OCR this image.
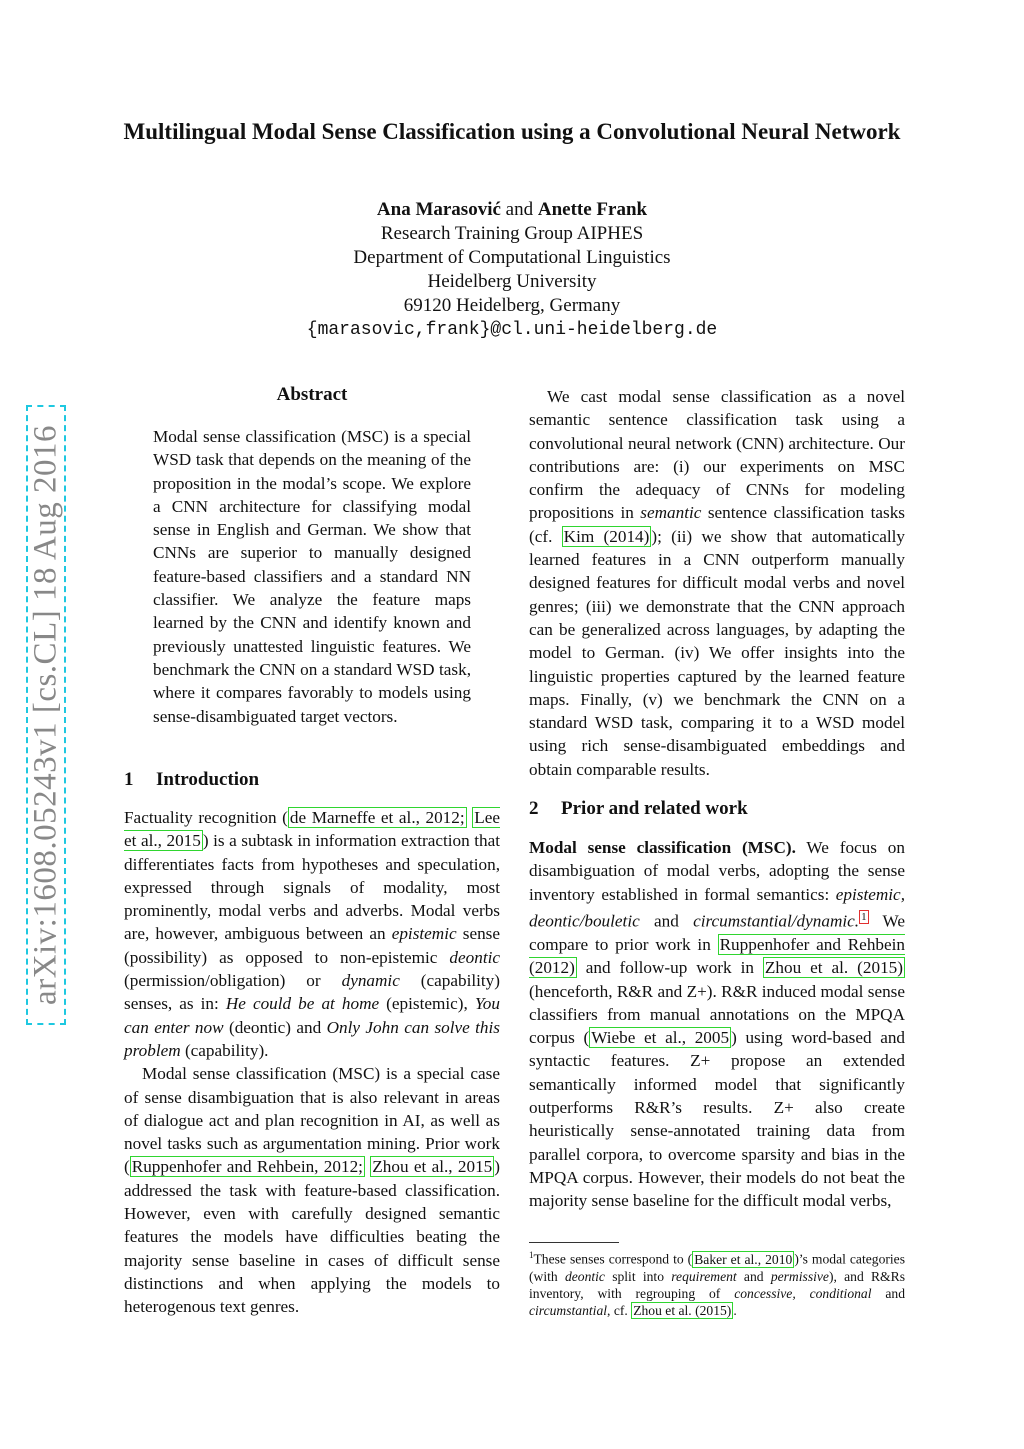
Multilingual Modal Sense Classification using a Convolutional Neural Network
Ana Marasović and Anette Frank
Research Training Group AIPHES
Department of Computational Linguistics
Heidelberg University
69120 Heidelberg, Germany
{marasovic,frank}@cl.uni-heidelberg.de
arXiv:1608.05243v1 [cs.CL] 18 Aug 2016
Abstract
Modal sense classification (MSC) is a special WSD task that depends on the meaning of the proposition in the modal’s scope. We explore a CNN architecture for classifying modal sense in English and German. We show that CNNs are superior to manually designed feature-based classifiers and a standard NN classifier. We analyze the feature maps learned by the CNN and identify known and previously unattested linguistic features. We benchmark the CNN on a standard WSD task, where it compares favorably to models using sense-disambiguated target vectors.
1 Introduction

Factuality recognition ( de Marneffe et al., 2012; Lee et al., 2015 ) is a subtask in information extraction that differentiates facts from hypotheses and speculation, expressed through signals of modality, most prominently, modal verbs and adverbs. Modal verbs are, however, ambiguous between an epistemic sense (possibility) as opposed to non-epistemic deontic (permission/obligation) or dynamic (capability) senses, as in: He could be at home (epistemic), You can enter now (deontic) and Only John can solve this problem (capability).

Modal sense classification (MSC) is a special case of sense disambiguation that is also relevant in areas of dialogue act and plan recognition in AI, as well as novel tasks such as argumentation mining. Prior work ( Ruppenhofer and Rehbein, 2012; Zhou et al., 2015 ) addressed the task with feature-based classification. However, even with carefully designed semantic features the models have difficulties beating the majority sense baseline in cases of difficult sense distinctions and when applying the models to heterogenous text genres.

We cast modal sense classification as a novel semantic sentence classification task using a convolutional neural network (CNN) architecture. Our contributions are: (i) our experiments on MSC confirm the adequacy of CNNs for modeling propositions in semantic sentence classification tasks (cf. Kim (2014) ); (ii) we show that automatically learned features in a CNN outperform manually designed features for difficult modal verbs and novel genres; (iii) we demonstrate that the CNN approach can be generalized across languages, by adapting the model to German. (iv) We offer insights into the linguistic properties captured by the learned feature maps. Finally, (v) we benchmark the CNN on a standard WSD task, comparing it to a WSD model using rich sense-disambiguated embeddings and obtain comparable results.

2 Prior and related work

Modal sense classification (MSC). We focus on disambiguation of modal verbs, adopting the sense inventory established in formal semantics: epistemic, deontic/bouletic and circumstantial/dynamic. $^1$ We compare to prior work in Ruppenhofer and Rehbein (2012) and follow-up work in Zhou et al. (2015) (henceforth, R&R and Z+). R&R induced modal sense classifiers from manual annotations on the MPQA corpus ( Wiebe et al., 2005 ) using word-based and syntactic features. Z+ propose an extended semantically informed model that significantly outperforms R&R’s results. Z+ also create heuristically sense-annotated training data from parallel corpora, to overcome sparsity and bias in the MPQA corpus. However, their models do not beat the majority sense baseline for the difficult modal verbs,

$^1$These senses correspond to ( Baker et al., 2010 )’s modal categories (with deontic split into requirement and permissive), and R&Rs inventory, with regrouping of concessive, conditional and circumstantial, cf. Zhou et al. (2015) .
